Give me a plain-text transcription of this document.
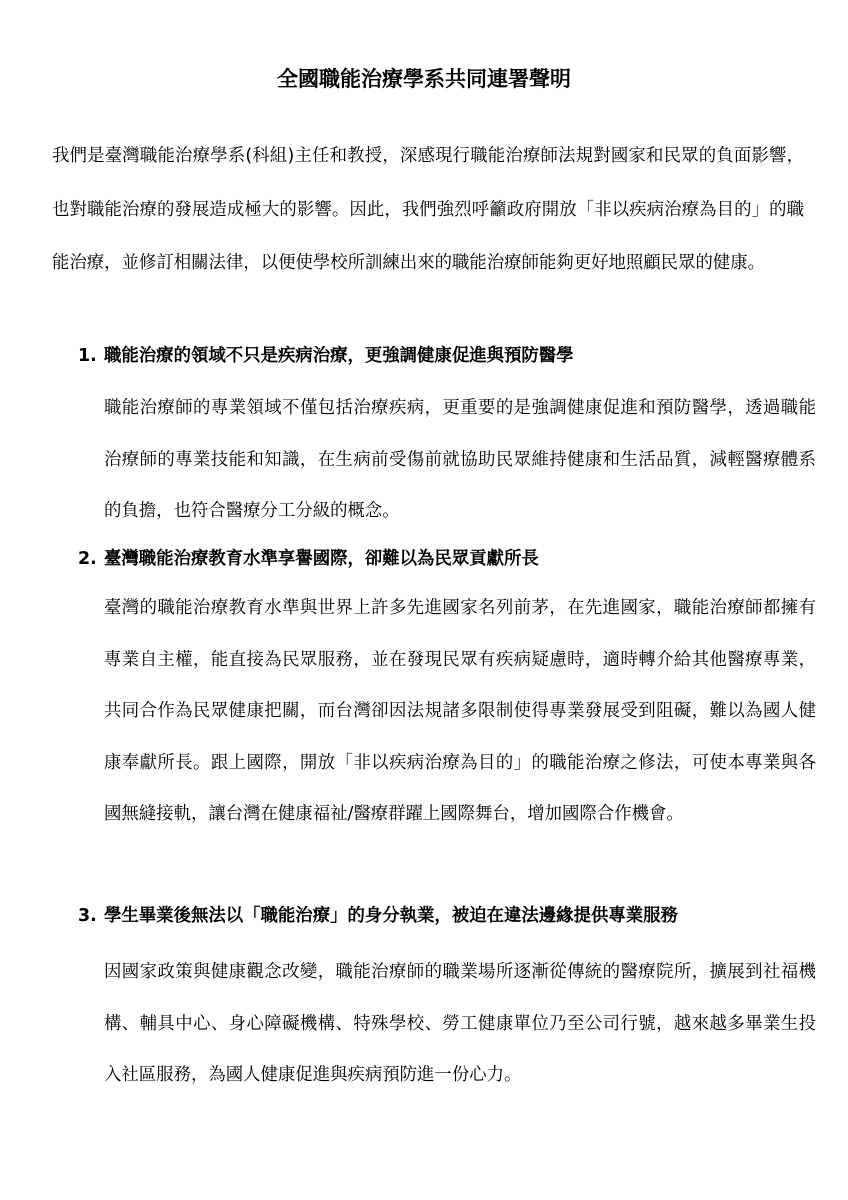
全國職能治療學系共同連署聲明

我們是臺灣職能治療學系(科組)主任和教授，深感現行職能治療師法規對國家和民眾的負面影響，也對職能治療的發展造成極大的影響。因此，我們強烈呼籲政府開放「非以疾病治療為目的」的職能治療，並修訂相關法律，以便使學校所訓練出來的職能治療師能夠更好地照顧民眾的健康。

1. 職能治療的領域不只是疾病治療，更強調健康促進與預防醫學

職能治療師的專業領域不僅包括治療疾病，更重要的是強調健康促進和預防醫學，透過職能治療師的專業技能和知識，在生病前受傷前就協助民眾維持健康和生活品質，減輕醫療體系的負擔，也符合醫療分工分級的概念。

2. 臺灣職能治療教育水準享譽國際，卻難以為民眾貢獻所長

臺灣的職能治療教育水準與世界上許多先進國家名列前茅，在先進國家，職能治療師都擁有專業自主權，能直接為民眾服務，並在發現民眾有疾病疑慮時，適時轉介給其他醫療專業，共同合作為民眾健康把關，而台灣卻因法規諸多限制使得專業發展受到阻礙，難以為國人健康奉獻所長。跟上國際，開放「非以疾病治療為目的」的職能治療之修法，可使本專業與各國無縫接軌，讓台灣在健康福祉/醫療群躍上國際舞台，增加國際合作機會。

3. 學生畢業後無法以「職能治療」的身分執業，被迫在違法邊緣提供專業服務

因國家政策與健康觀念改變，職能治療師的職業場所逐漸從傳統的醫療院所，擴展到社福機構、輔具中心、身心障礙機構、特殊學校、勞工健康單位乃至公司行號，越來越多畢業生投入社區服務，為國人健康促進與疾病預防進一份心力。
